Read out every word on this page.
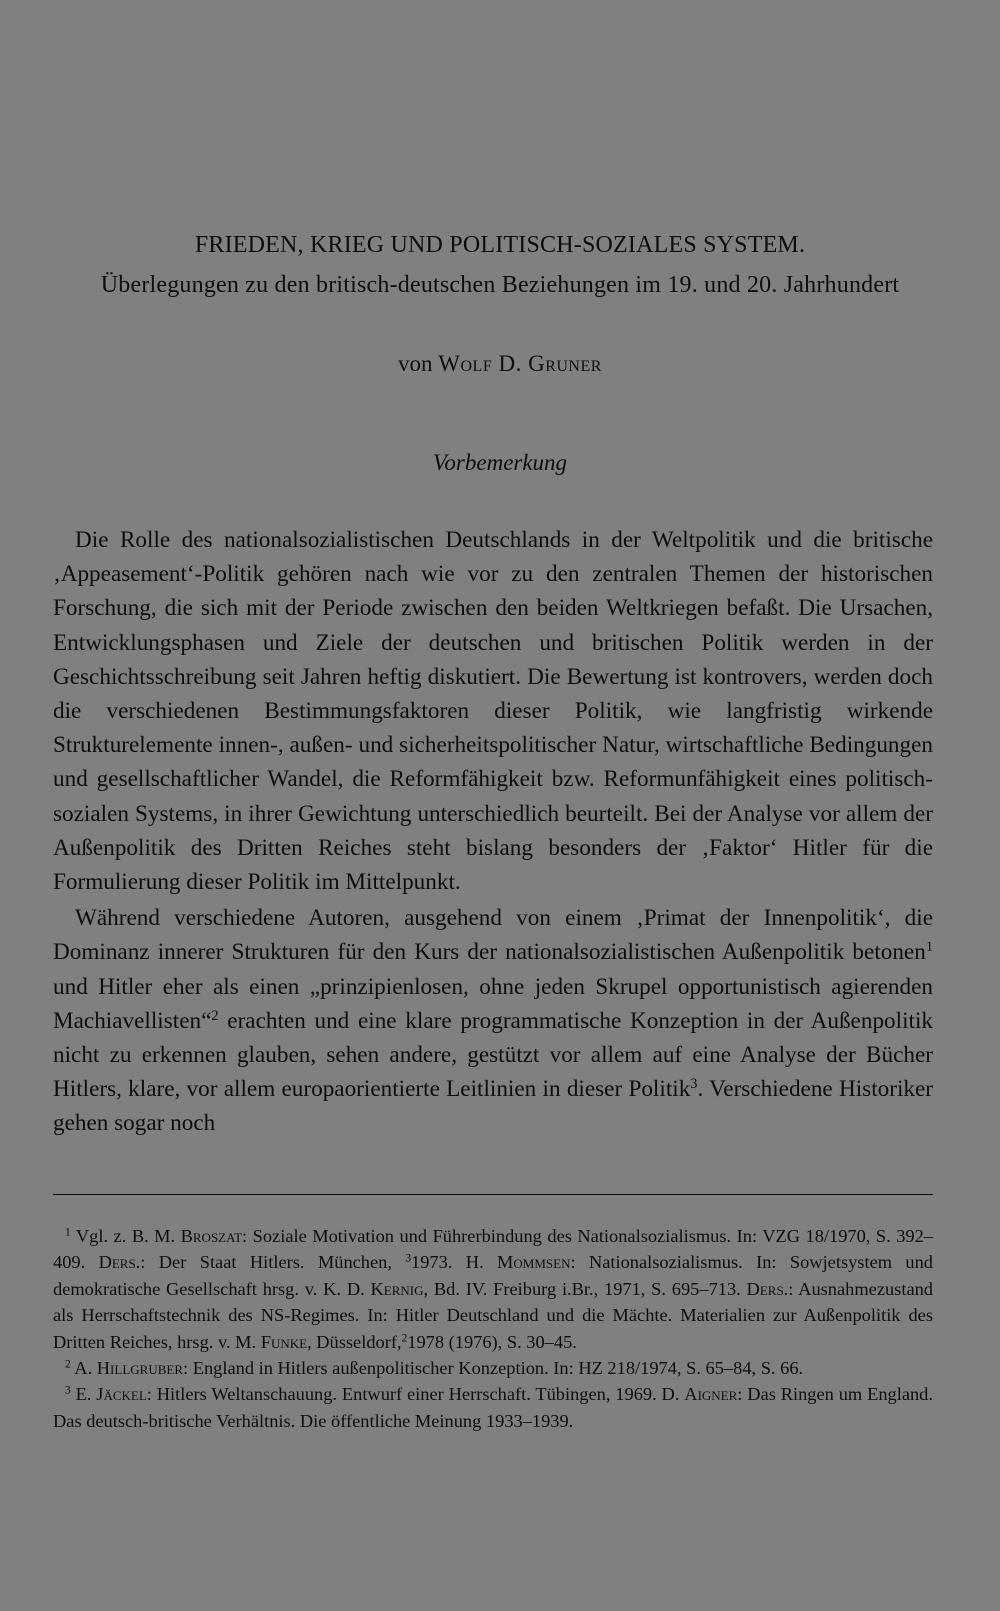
FRIEDEN, KRIEG UND POLITISCH-SOZIALES SYSTEM.
Überlegungen zu den britisch-deutschen Beziehungen im 19. und 20. Jahrhundert
von Wolf D. Gruner
Vorbemerkung

Die Rolle des nationalsozialistischen Deutschlands in der Weltpolitik und die britische ‚Appeasement‘-Politik gehören nach wie vor zu den zentralen Themen der historischen Forschung, die sich mit der Periode zwischen den beiden Weltkriegen befaßt. Die Ursachen, Entwicklungsphasen und Ziele der deutschen und britischen Politik werden in der Geschichtsschreibung seit Jahren heftig diskutiert. Die Bewertung ist kontrovers, werden doch die verschiedenen Bestimmungsfaktoren dieser Politik, wie langfristig wirkende Strukturelemente innen-, außen- und sicherheitspolitischer Natur, wirtschaftliche Bedingungen und gesellschaftlicher Wandel, die Reformfähigkeit bzw. Reformunfähigkeit eines politisch-sozialen Systems, in ihrer Gewichtung unterschiedlich beurteilt. Bei der Analyse vor allem der Außenpolitik des Dritten Reiches steht bislang besonders der ‚Faktor‘ Hitler für die Formulierung dieser Politik im Mittelpunkt.

Während verschiedene Autoren, ausgehend von einem ‚Primat der Innenpolitik‘, die Dominanz innerer Strukturen für den Kurs der nationalsozialistischen Außenpolitik betonen$^1$ und Hitler eher als einen „prinzipienlosen, ohne jeden Skrupel opportunistisch agierenden Machiavellisten“$^2$ erachten und eine klare programmatische Konzeption in der Außenpolitik nicht zu erkennen glauben, sehen andere, gestützt vor allem auf eine Analyse der Bücher Hitlers, klare, vor allem europaorientierte Leitlinien in dieser Politik$^3$. Verschiedene Historiker gehen sogar noch

$^1$ Vgl. z. B. M. Broszat: Soziale Motivation und Führerbindung des Nationalsozialismus. In: VZG 18/1970, S. 392–409. Ders.: Der Staat Hitlers. München, $^3$1973. H. Mommsen: Nationalsozialismus. In: Sowjetsystem und demokratische Gesellschaft hrsg. v. K. D. Kernig, Bd. IV. Freiburg i.Br., 1971, S. 695–713. Ders.: Ausnahmezustand als Herrschaftstechnik des NS-Regimes. In: Hitler Deutschland und die Mächte. Materialien zur Außenpolitik des Dritten Reiches, hrsg. v. M. Funke, Düsseldorf,$^2$1978 (1976), S. 30–45.

$^2$ A. Hillgruber: England in Hitlers außenpolitischer Konzeption. In: HZ 218/1974, S. 65–84, S. 66.

$^3$ E. Jäckel: Hitlers Weltanschauung. Entwurf einer Herrschaft. Tübingen, 1969. D. Aigner: Das Ringen um England. Das deutsch-britische Verhältnis. Die öffentliche Meinung 1933–1939.
